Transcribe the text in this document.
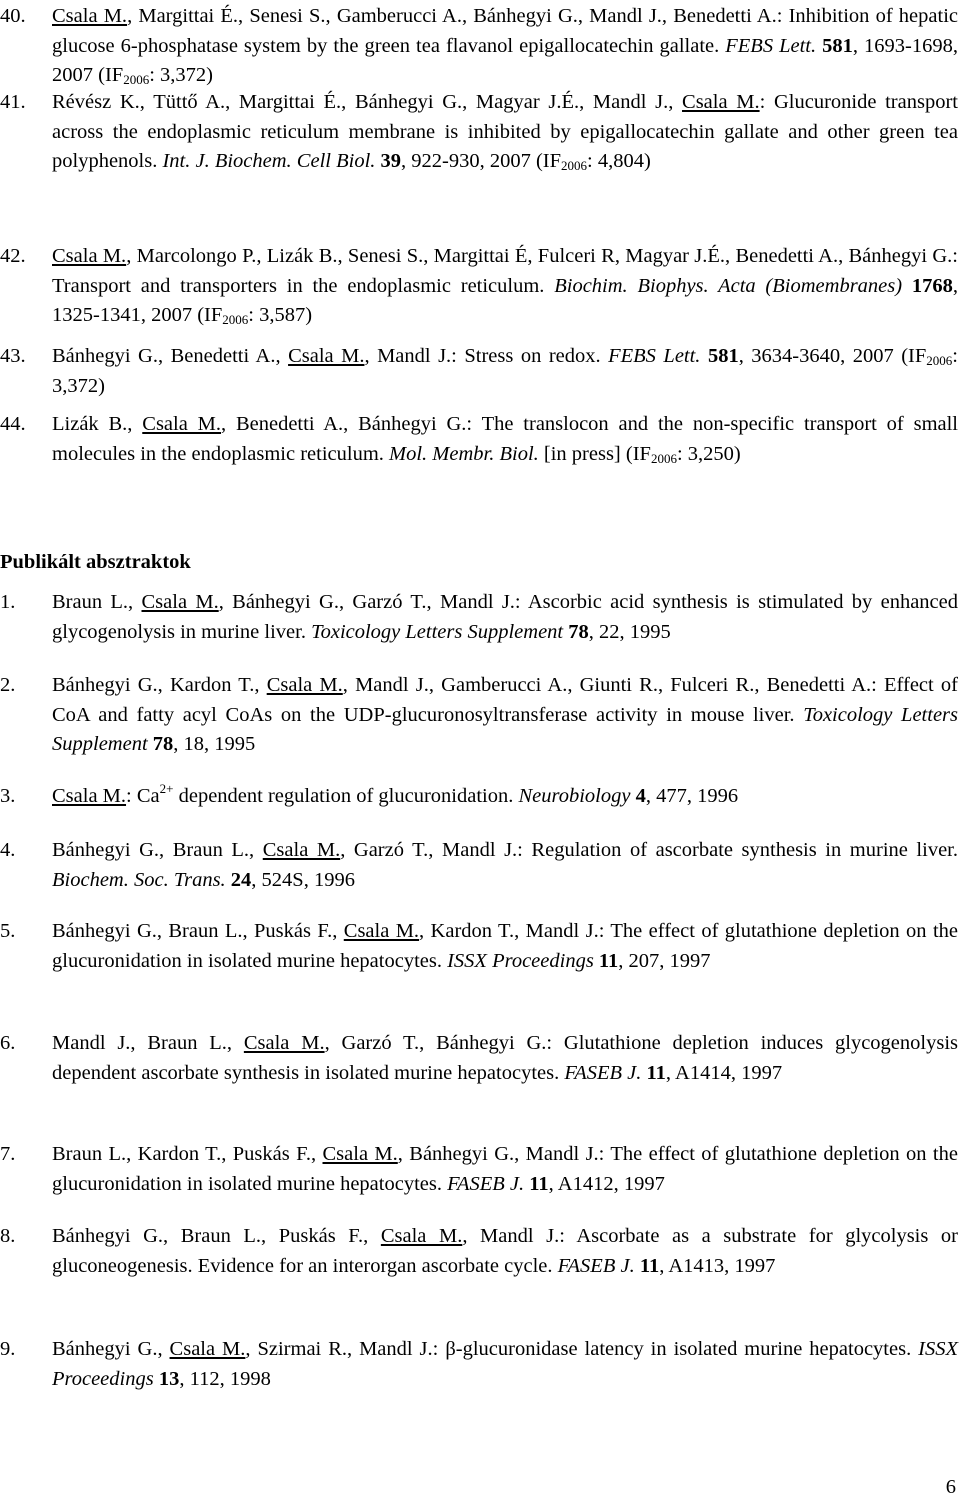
40.	Csala M., Margittai É., Senesi S., Gamberucci A., Bánhegyi G., Mandl J., Benedetti A.: Inhibition of hepatic glucose 6-phosphatase system by the green tea flavanol epigallocatechin gallate. FEBS Lett. 581, 1693-1698, 2007 ($IF_{2006}$: 3,372)
41.	Révész K., Tüttő A., Margittai É., Bánhegyi G., Magyar J.É., Mandl J., Csala M.: Glucuronide transport across the endoplasmic reticulum membrane is inhibited by epigallocatechin gallate and other green tea polyphenols. Int. J. Biochem. Cell Biol. 39, 922-930, 2007 ($IF_{2006}$: 4,804)
42.	Csala M., Marcolongo P., Lizák B., Senesi S., Margittai É, Fulceri R, Magyar J.É., Benedetti A., Bánhegyi G.: Transport and transporters in the endoplasmic reticulum. Biochim. Biophys. Acta (Biomembranes) 1768, 1325-1341, 2007 ($IF_{2006}$: 3,587)
43.	Bánhegyi G., Benedetti A., Csala M., Mandl J.: Stress on redox. FEBS Lett. 581, 3634-3640, 2007 ($IF_{2006}$: 3,372)
44.	Lizák B., Csala M., Benedetti A., Bánhegyi G.: The translocon and the non-specific transport of small molecules in the endoplasmic reticulum. Mol. Membr. Biol. [in press] ($IF_{2006}$: 3,250)
Publikált absztraktok
1.	Braun L., Csala M., Bánhegyi G., Garzó T., Mandl J.: Ascorbic acid synthesis is stimulated by enhanced glycogenolysis in murine liver. Toxicology Letters Supplement 78, 22, 1995
2.	Bánhegyi G., Kardon T., Csala M., Mandl J., Gamberucci A., Giunti R., Fulceri R., Benedetti A.: Effect of CoA and fatty acyl CoAs on the UDP-glucuronosyltransferase activity in mouse liver. Toxicology Letters Supplement 78, 18, 1995
3.	Csala M.: $Ca^{2+}$ dependent regulation of glucuronidation. Neurobiology 4, 477, 1996
4.	Bánhegyi G., Braun L., Csala M., Garzó T., Mandl J.: Regulation of ascorbate synthesis in murine liver. Biochem. Soc. Trans. 24, 524S, 1996
5.	Bánhegyi G., Braun L., Puskás F., Csala M., Kardon T., Mandl J.: The effect of glutathione depletion on the glucuronidation in isolated murine hepatocytes. ISSX Proceedings 11, 207, 1997
6.	Mandl J., Braun L., Csala M., Garzó T., Bánhegyi G.: Glutathione depletion induces glycogenolysis dependent ascorbate synthesis in isolated murine hepatocytes. FASEB J. 11, A1414, 1997
7.	Braun L., Kardon T., Puskás F., Csala M., Bánhegyi G., Mandl J.: The effect of glutathione depletion on the glucuronidation in isolated murine hepatocytes. FASEB J. 11, A1412, 1997
8.	Bánhegyi G., Braun L., Puskás F., Csala M., Mandl J.: Ascorbate as a substrate for glycolysis or gluconeogenesis. Evidence for an interorgan ascorbate cycle. FASEB J. 11, A1413, 1997
9.	Bánhegyi G., Csala M., Szirmai R., Mandl J.: β-glucuronidase latency in isolated murine hepatocytes. ISSX Proceedings 13, 112, 1998
6
